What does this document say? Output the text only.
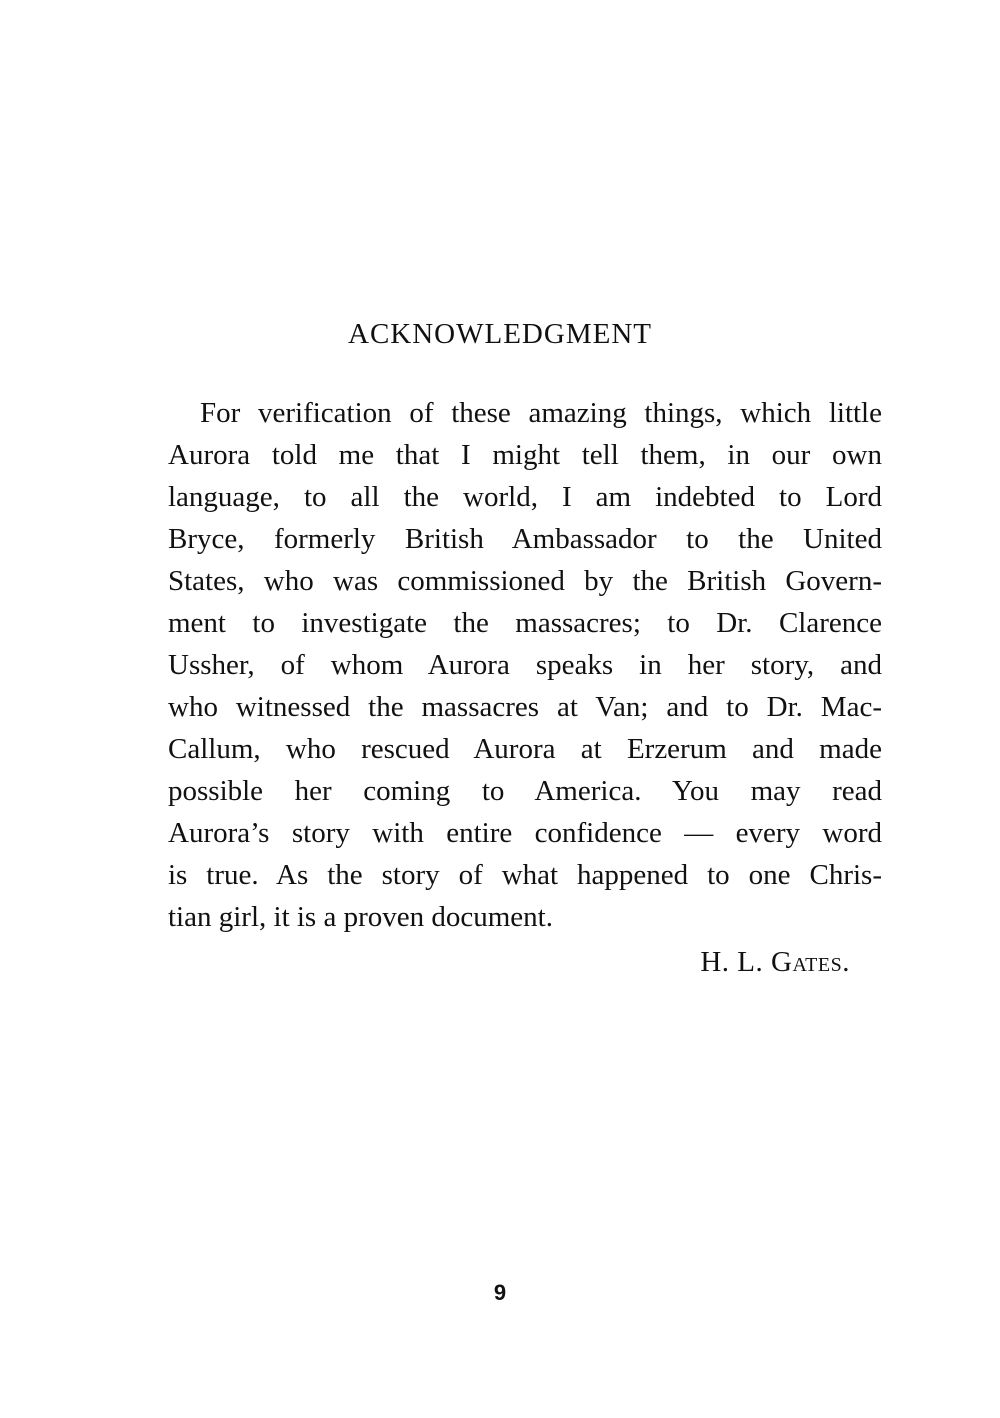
ACKNOWLEDGMENT

For verification of these amazing things, which little
Aurora told me that I might tell them, in our own
language, to all the world, I am indebted to Lord
Bryce, formerly British Ambassador to the United
States, who was commissioned by the British Govern-
ment to investigate the massacres; to Dr. Clarence
Ussher, of whom Aurora speaks in her story, and
who witnessed the massacres at Van; and to Dr. Mac-
Callum, who rescued Aurora at Erzerum and made
possible her coming to America. You may read
Aurora’s story with entire confidence — every word
is true. As the story of what happened to one Chris-
tian girl, it is a proven document.

H. L. Gates.

9
